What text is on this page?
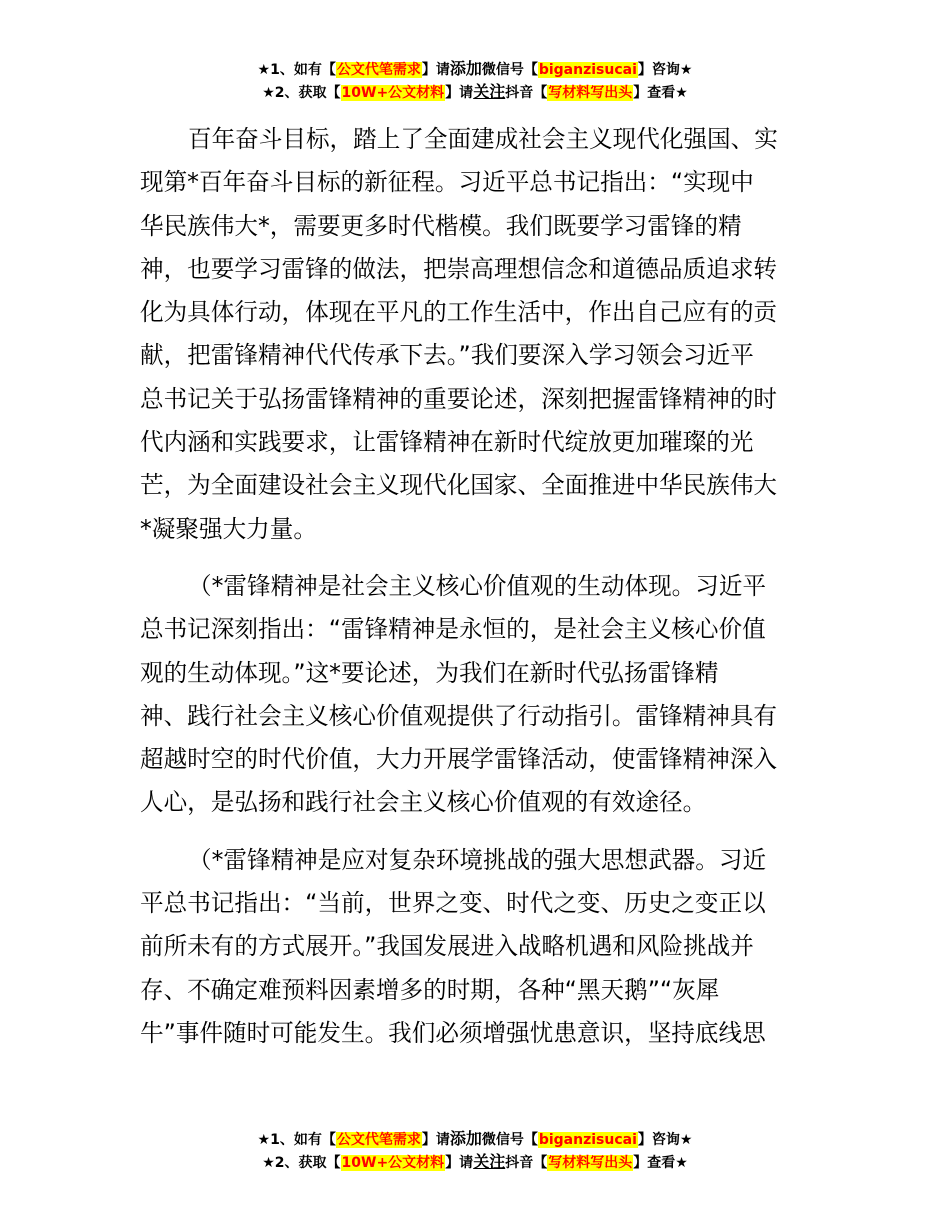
★1、如有【公文代笔需求】请添加微信号【biganzisucai】咨询★
★2、获取【10W+公文材料】请关注抖音【写材料写出头】查看★

百年奋斗目标，踏上了全面建成社会主义现代化强国、实
现第*百年奋斗目标的新征程。习近平总书记指出：“实现中
华民族伟大*，需要更多时代楷模。我们既要学习雷锋的精
神，也要学习雷锋的做法，把崇高理想信念和道德品质追求转
化为具体行动，体现在平凡的工作生活中，作出自己应有的贡
献，把雷锋精神代代传承下去。”我们要深入学习领会习近平
总书记关于弘扬雷锋精神的重要论述，深刻把握雷锋精神的时
代内涵和实践要求，让雷锋精神在新时代绽放更加璀璨的光
芒，为全面建设社会主义现代化国家、全面推进中华民族伟大
*凝聚强大力量。

（*雷锋精神是社会主义核心价值观的生动体现。习近平
总书记深刻指出：“雷锋精神是永恒的，是社会主义核心价值
观的生动体现。”这*要论述，为我们在新时代弘扬雷锋精
神、践行社会主义核心价值观提供了行动指引。雷锋精神具有
超越时空的时代价值，大力开展学雷锋活动，使雷锋精神深入
人心，是弘扬和践行社会主义核心价值观的有效途径。

（*雷锋精神是应对复杂环境挑战的强大思想武器。习近
平总书记指出：“当前，世界之变、时代之变、历史之变正以
前所未有的方式展开。”我国发展进入战略机遇和风险挑战并
存、不确定难预料因素增多的时期，各种“黑天鹅”“灰犀
牛”事件随时可能发生。我们必须增强忧患意识，坚持底线思

★1、如有【公文代笔需求】请添加微信号【biganzisucai】咨询★
★2、获取【10W+公文材料】请关注抖音【写材料写出头】查看★
